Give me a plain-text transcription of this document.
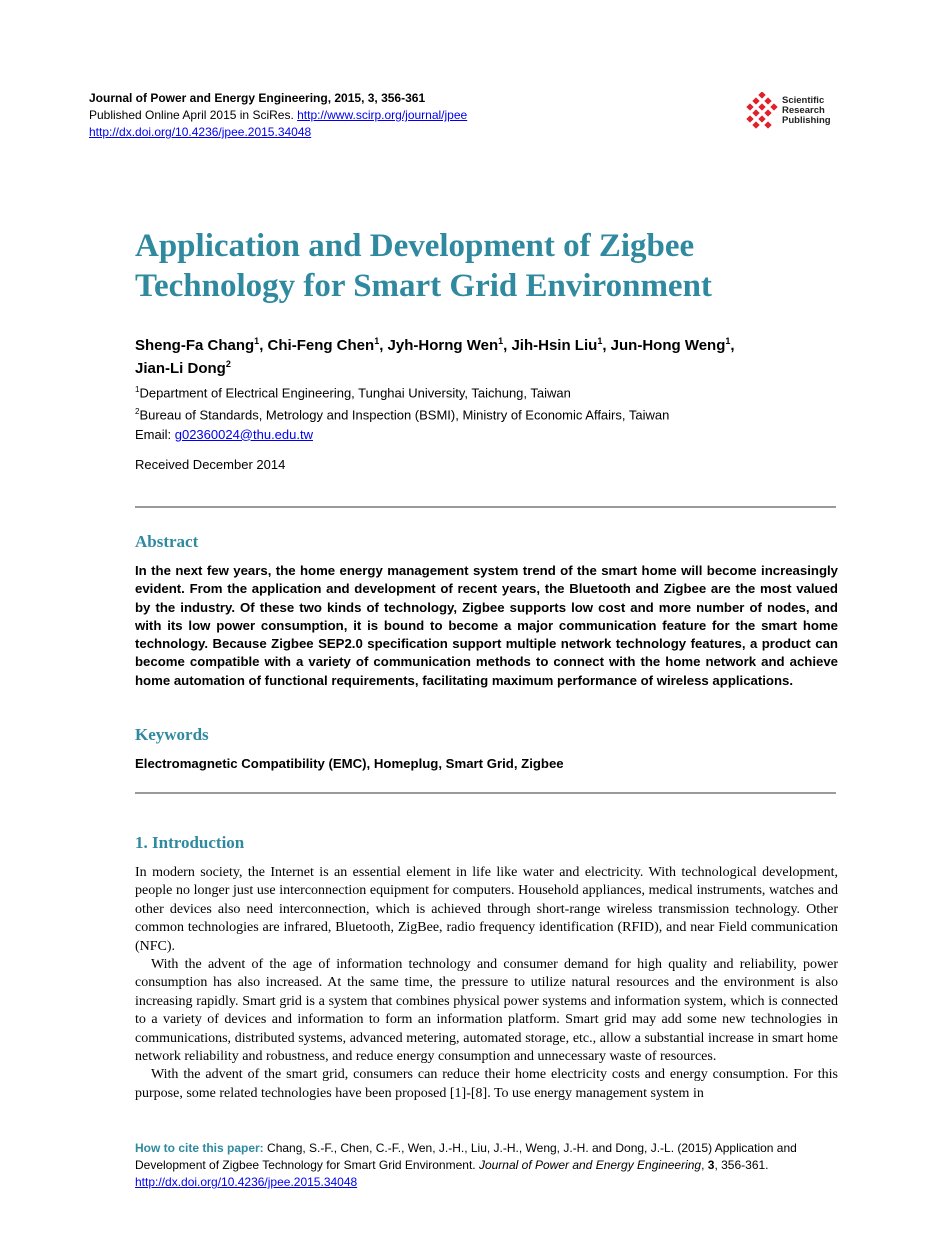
Journal of Power and Energy Engineering, 2015, 3, 356-361
Published Online April 2015 in SciRes. http://www.scirp.org/journal/jpee
http://dx.doi.org/10.4236/jpee.2015.34048
Scientific
Research
Publishing
Application and Development of Zigbee
Technology for Smart Grid Environment
Sheng-Fa Chang$^1$, Chi-Feng Chen$^1$, Jyh-Horng Wen$^1$, Jih-Hsin Liu$^1$, Jun-Hong Weng$^1$,
Jian-Li Dong$^2$
$^1$Department of Electrical Engineering, Tunghai University, Taichung, Taiwan
$^2$Bureau of Standards, Metrology and Inspection (BSMI), Ministry of Economic Affairs, Taiwan
Email: g02360024@thu.edu.tw
Received December 2014
Abstract

In the next few years, the home energy management system trend of the smart home will become increasingly evident. From the application and development of recent years, the Bluetooth and Zigbee are the most valued by the industry. Of these two kinds of technology, Zigbee supports low cost and more number of nodes, and with its low power consumption, it is bound to become a major communication feature for the smart home technology. Because Zigbee SEP2.0 specification support multiple network technology features, a product can become compatible with a variety of communication methods to connect with the home network and achieve home automation of functional requirements, facilitating maximum performance of wireless applications.

Keywords
Electromagnetic Compatibility (EMC), Homeplug, Smart Grid, Zigbee
1. Introduction

In modern society, the Internet is an essential element in life like water and electricity. With technological development, people no longer just use interconnection equipment for computers. Household appliances, medical instruments, watches and other devices also need interconnection, which is achieved through short-range wireless transmission technology. Other common technologies are infrared, Bluetooth, ZigBee, radio frequency identification (RFID), and near Field communication (NFC).

With the advent of the age of information technology and consumer demand for high quality and reliability, power consumption has also increased. At the same time, the pressure to utilize natural resources and the environment is also increasing rapidly. Smart grid is a system that combines physical power systems and information system, which is connected to a variety of devices and information to form an information platform. Smart grid may add some new technologies in communications, distributed systems, advanced metering, automated storage, etc., allow a substantial increase in smart home network reliability and robustness, and reduce energy consumption and unnecessary waste of resources.

With the advent of the smart grid, consumers can reduce their home electricity costs and energy consumption. For this purpose, some related technologies have been proposed [1]-[8]. To use energy management system in

How to cite this paper: Chang, S.-F., Chen, C.-F., Wen, J.-H., Liu, J.-H., Weng, J.-H. and Dong, J.-L. (2015) Application and Development of Zigbee Technology for Smart Grid Environment. Journal of Power and Energy Engineering, 3, 356-361.
http://dx.doi.org/10.4236/jpee.2015.34048
